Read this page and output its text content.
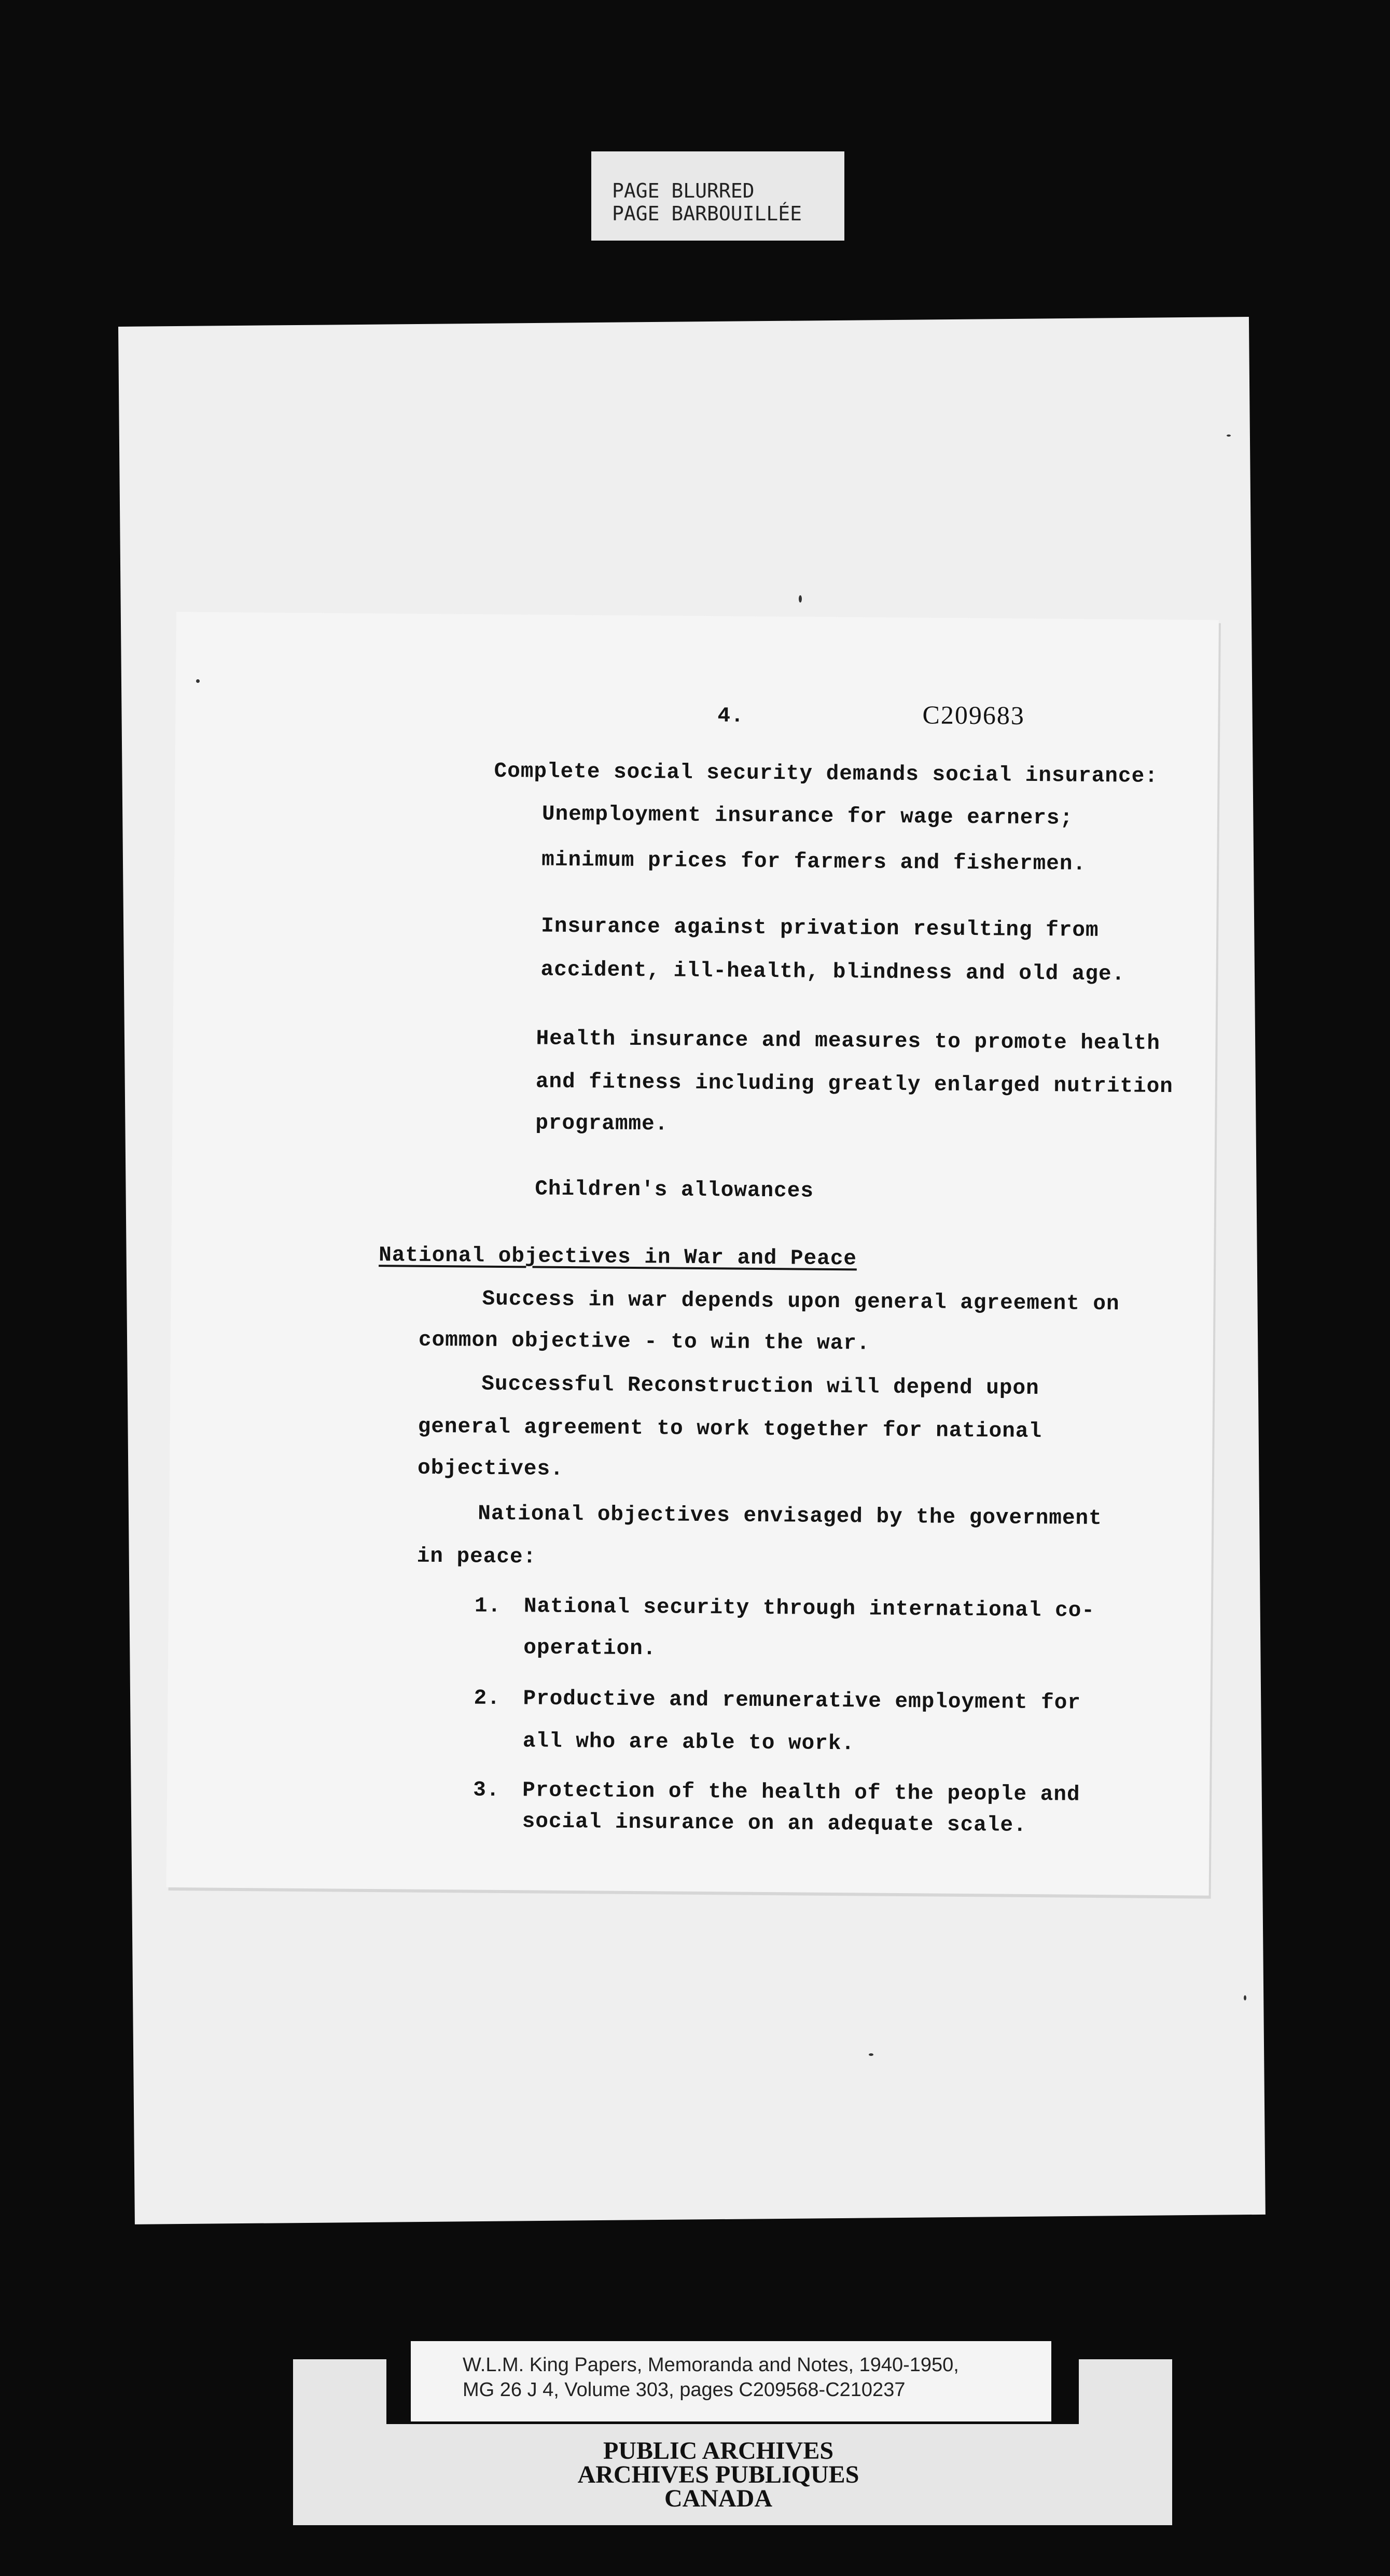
PAGE BLURRED
PAGE BARBOUILLÉE
4.	C209683
Complete social security demands social insurance:
Unemployment insurance for wage earners;
minimum prices for farmers and fishermen.
Insurance against privation resulting from
accident, ill-health, blindness and old age.
Health insurance and measures to promote health
and fitness including greatly enlarged nutrition
programme.
Children's allowances
National objectives in War and Peace
Success in war depends upon general agreement on
common objective - to win the war.
Successful Reconstruction will depend upon
general agreement to work together for national
objectives.
National objectives envisaged by the government
in peace:
1. National security through international co-
operation.
2. Productive and remunerative employment for
all who are able to work.
3. Protection of the health of the people and
social insurance on an adequate scale.
W.L.M. King Papers, Memoranda and Notes, 1940-1950,
MG 26 J 4, Volume 303, pages C209568-C210237
PUBLIC ARCHIVES
ARCHIVES PUBLIQUES
CANADA
